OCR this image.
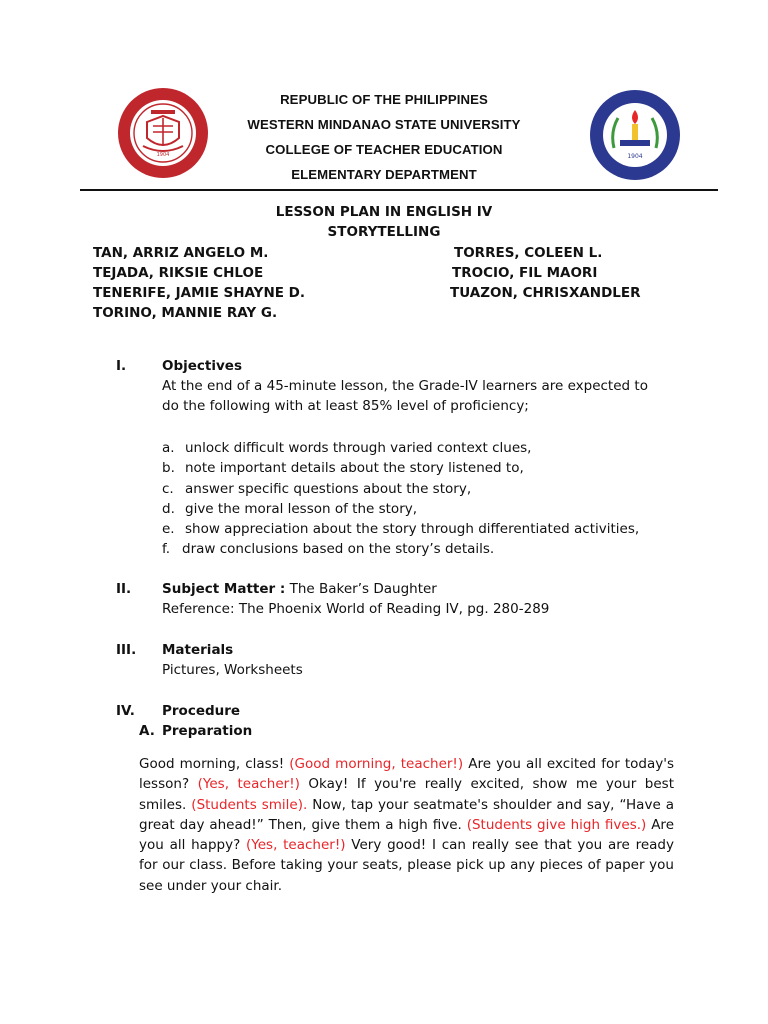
1904	1904
REPUBLIC OF THE PHILIPPINES
WESTERN MINDANAO STATE UNIVERSITY
COLLEGE OF TEACHER EDUCATION
ELEMENTARY DEPARTMENT
LESSON PLAN IN ENGLISH IV
STORYTELLING
TAN, ARRIZ ANGELO M.
TEJADA, RIKSIE CHLOE
TENERIFE, JAMIE SHAYNE D.
TORINO, MANNIE RAY G.
TORRES, COLEEN L.
TROCIO, FIL MAORI
TUAZON, CHRISXANDLER
I.	Objectives
At the end of a 45-minute lesson, the Grade-IV learners are expected to do the following with at least 85% level of proficiency;
a. unlock difficult words through varied context clues,
b. note important details about the story listened to,
c. answer specific questions about the story,
d. give the moral lesson of the story,
e. show appreciation about the story through differentiated activities,
f. draw conclusions based on the story’s details.
II. Subject Matter : The Baker’s Daughter
Reference: The Phoenix World of Reading IV, pg. 280-289
III. Materials
Pictures, Worksheets
IV. Procedure
A. Preparation
Good morning, class! (Good morning, teacher!) Are you all excited for today's lesson? (Yes, teacher!) Okay! If you're really excited, show me your best smiles. (Students smile). Now, tap your seatmate's shoulder and say, “Have a great day ahead!” Then, give them a high five. (Students give high fives.) Are you all happy? (Yes, teacher!) Very good! I can really see that you are ready for our class. Before taking your seats, please pick up any pieces of paper you see under your chair.
